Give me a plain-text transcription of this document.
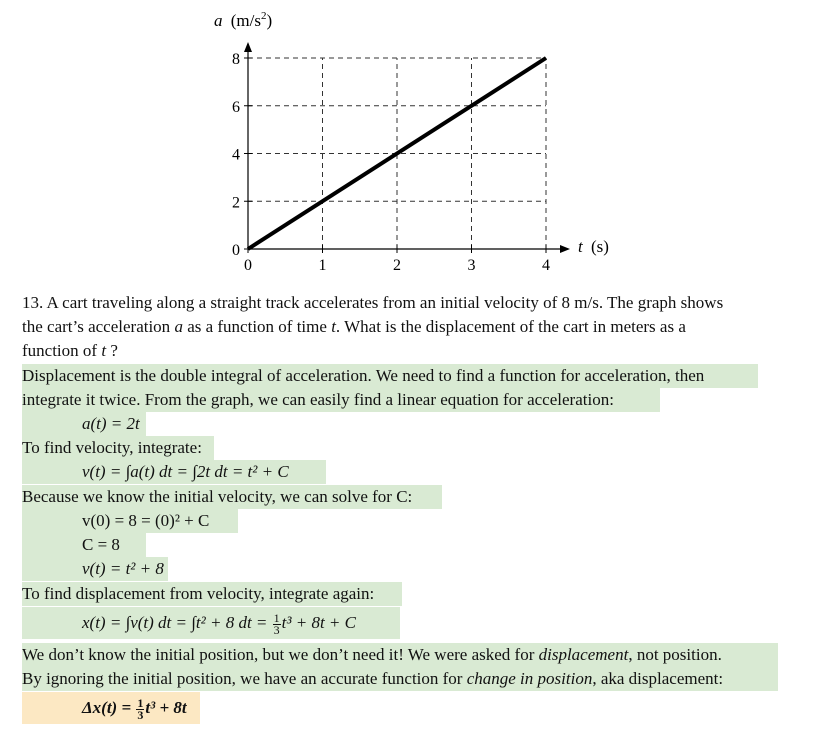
0	1	2	3	4
0
2
4
6
8
a $(m/s^2)$
t (s)
13. A cart traveling along a straight track accelerates from an initial velocity of 8 m/s. The graph shows
the cart’s acceleration a as a function of time t. What is the displacement of the cart in meters as a
function of t ?
Displacement is the double integral of acceleration. We need to find a function for acceleration, then
integrate it twice. From the graph, we can easily find a linear equation for acceleration:
a(t) = 2t
To find velocity, integrate:
v(t) = ∫a(t) dt = ∫2t dt = t² + C
Because we know the initial velocity, we can solve for C:
v(0) = 8 = (0)² + C
C = 8
v(t) = t² + 8
To find displacement from velocity, integrate again:
x(t) = ∫v(t) dt = ∫t² + 8 dt = $\frac{1}{3} t^3 + 8t + C$
We don’t know the initial position, but we don’t need it! We were asked for displacement, not position.
By ignoring the initial position, we have an accurate function for change in position, aka displacement:
$\Delta x(t) = \frac{1}{3} t^3 + 8t$
